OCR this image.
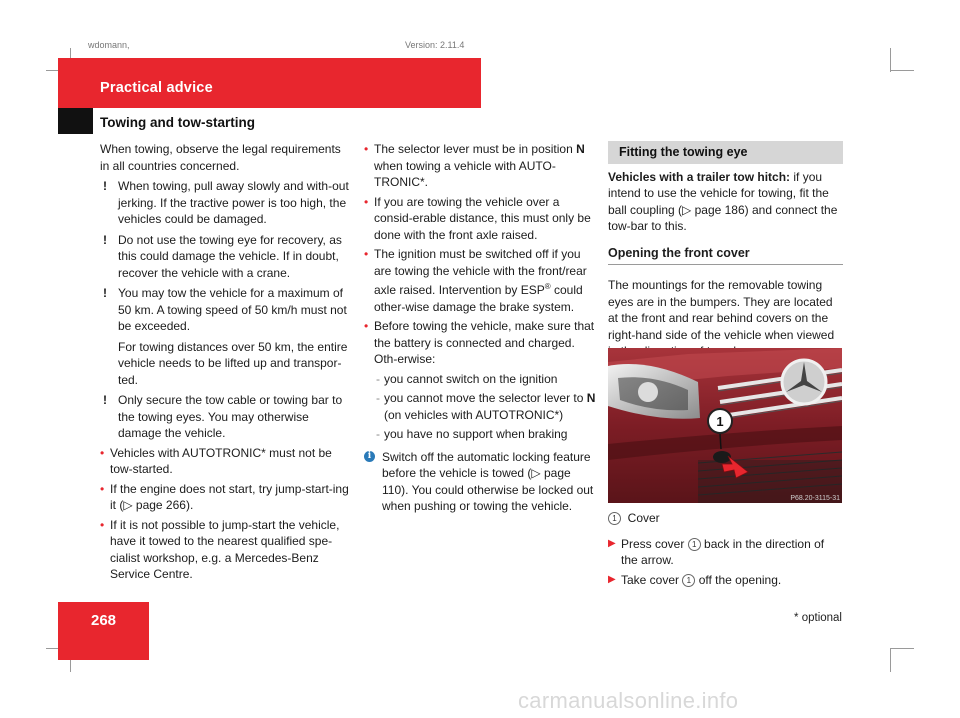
wdomann,	Version: 2.11.4
Practical advice
Towing and tow-starting

When towing, observe the legal requirements in all countries concerned.

! When towing, pull away slowly and with-out jerking. If the tractive power is too high, the vehicles could be damaged.
! Do not use the towing eye for recovery, as this could damage the vehicle. If in doubt, recover the vehicle with a crane.
! You may tow the vehicle for a maximum of 50 km. A towing speed of 50 km/h must not be exceeded.
For towing distances over 50 km, the entire vehicle needs to be lifted up and transpor-ted.
! Only secure the tow cable or towing bar to the towing eyes. You may otherwise damage the vehicle.
• Vehicles with AUTOTRONIC* must not be tow-started.
• If the engine does not start, try jump-start-ing it (▷ page 266).
• If it is not possible to jump-start the vehicle, have it towed to the nearest qualified spe-cialist workshop, e.g. a Mercedes-Benz Service Centre.
• The selector lever must be in position N when towing a vehicle with AUTO-TRONIC*.
• If you are towing the vehicle over a consid-erable distance, this must only be done with the front axle raised.
• The ignition must be switched off if you are towing the vehicle with the front/rear axle raised. Intervention by ESP® could other-wise damage the brake system.
• Before towing the vehicle, make sure that the battery is connected and charged. Oth-erwise:
- you cannot switch on the ignition
- you cannot move the selector lever to N (on vehicles with AUTOTRONIC*)
- you have no support when braking
i Switch off the automatic locking feature before the vehicle is towed (▷ page 110). You could otherwise be locked out when pushing or towing the vehicle.
Fitting the towing eye

Vehicles with a trailer tow hitch: if you intend to use the vehicle for towing, fit the ball coupling (▷ page 186) and connect the tow-bar to this.

Opening the front cover

The mountings for the removable towing eyes are in the bumpers. They are located at the front and rear behind covers on the right-hand side of the vehicle when viewed

1
P68.20-3115-31

1 Cover

▶ Press cover 1 back in the direction of the arrow.
▶ Take cover 1 off the opening.
268	* optional
carmanualsonline.info
